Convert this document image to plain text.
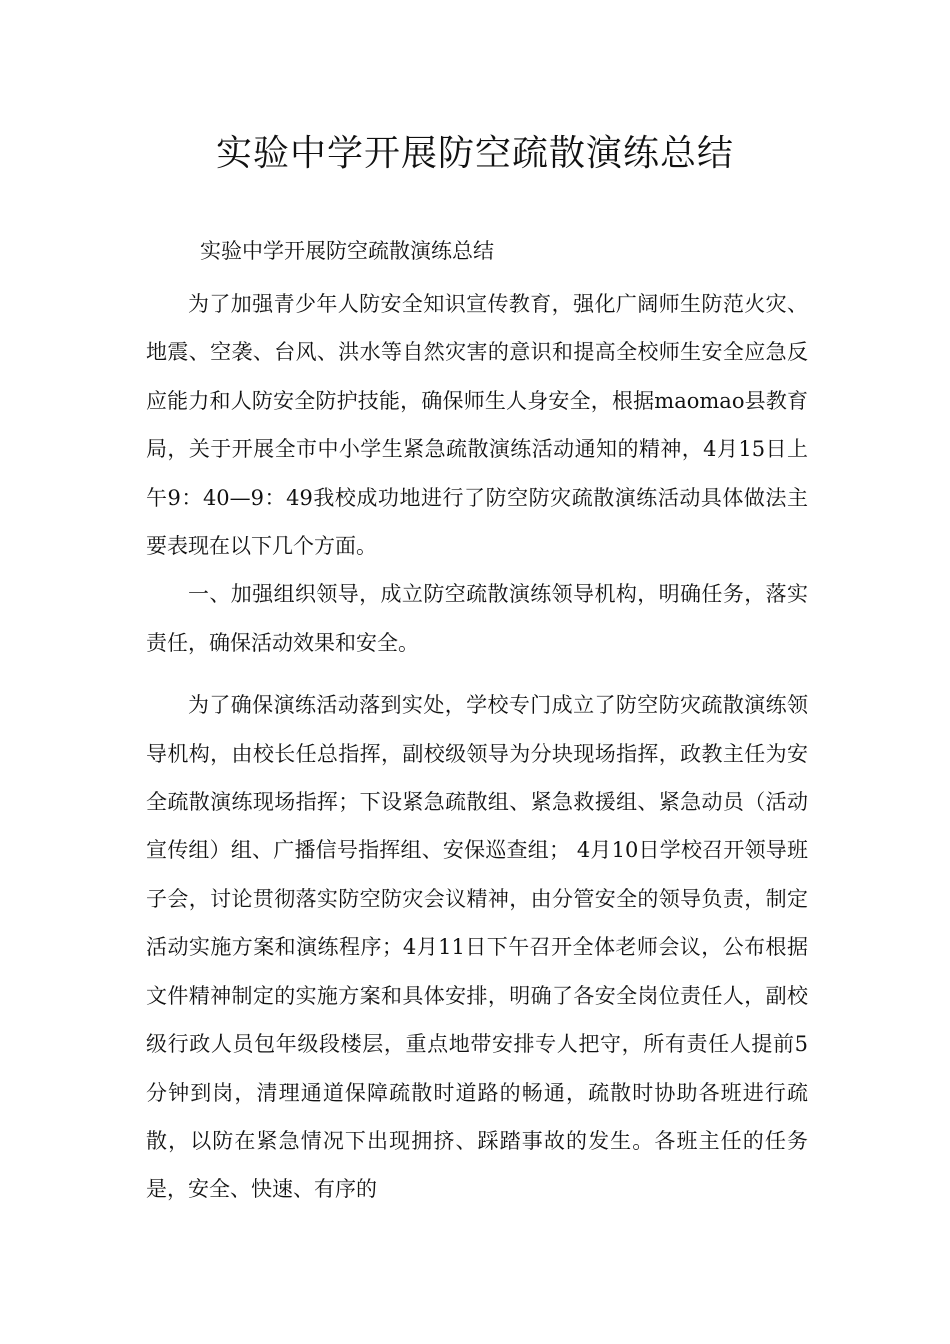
实验中学开展防空疏散演练总结
实验中学开展防空疏散演练总结

为了加强青少年人防安全知识宣传教育，强化广阔师生防范火灾、地震、空袭、台风、洪水等自然灾害的意识和提高全校师生安全应急反应能力和人防安全防护技能，确保师生人身安全，根据maomao县教育局，关于开展全市中小学生紧急疏散演练活动通知的精神，4月15日上午9：40—9：49我校成功地进行了防空防灾疏散演练活动具体做法主要表现在以下几个方面。

一、加强组织领导，成立防空疏散演练领导机构，明确任务，落实责任，确保活动效果和安全。

为了确保演练活动落到实处，学校专门成立了防空防灾疏散演练领导机构，由校长任总指挥，副校级领导为分块现场指挥，政教主任为安全疏散演练现场指挥；下设紧急疏散组、紧急救援组、紧急动员（活动宣传组）组、广播信号指挥组、安保巡查组； 4月10日学校召开领导班子会，讨论贯彻落实防空防灾会议精神，由分管安全的领导负责，制定活动实施方案和演练程序；4月11日下午召开全体老师会议，公布根据文件精神制定的实施方案和具体安排，明确了各安全岗位责任人，副校级行政人员包年级段楼层，重点地带安排专人把守，所有责任人提前5分钟到岗，清理通道保障疏散时道路的畅通，疏散时协助各班进行疏散，以防在紧急情况下出现拥挤、踩踏事故的发生。各班主任的任务是，安全、快速、有序的
